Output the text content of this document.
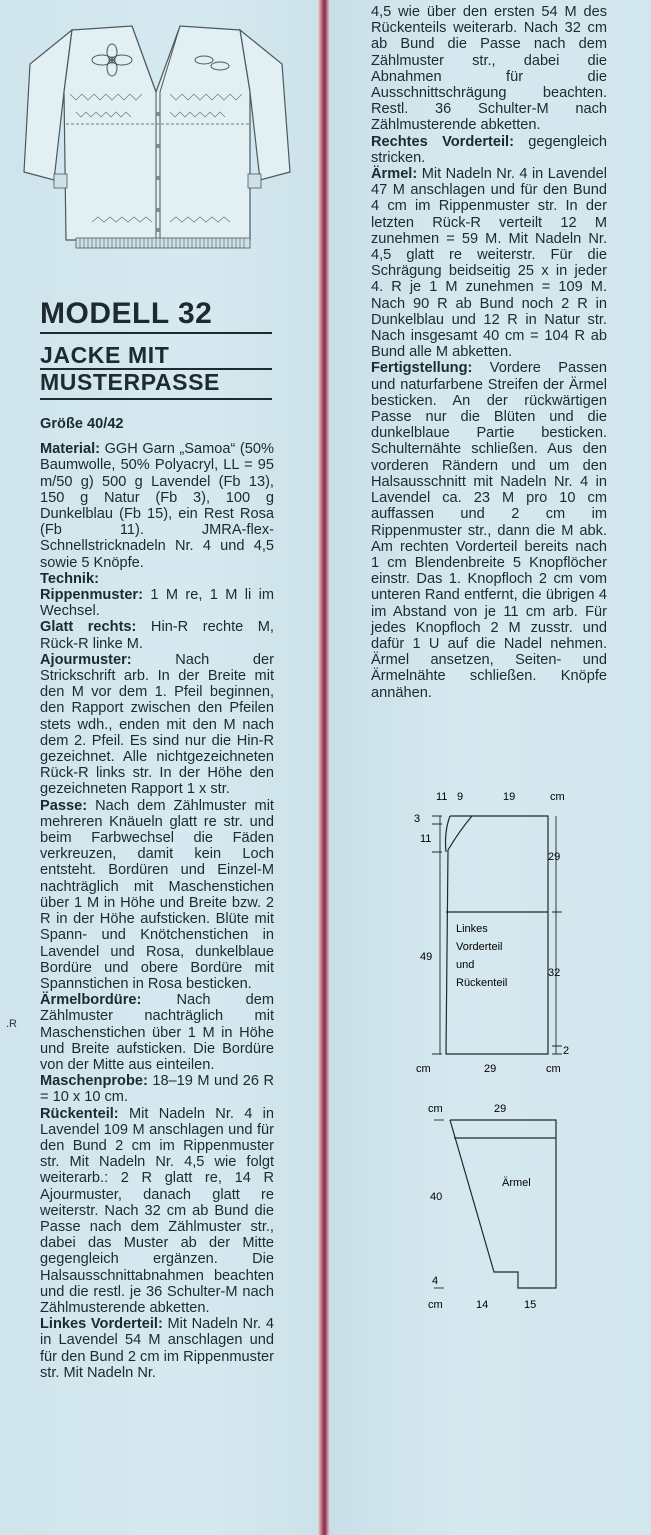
MODELL 32
JACKE MIT
MUSTERPASSE

Größe 40/42

Material: GGH Garn „Samoa“ (50% Baumwolle, 50% Polyacryl, LL = 95 m/50 g) 500 g Lavendel (Fb 13), 150 g Natur (Fb 3), 100 g Dunkelblau (Fb 15), ein Rest Rosa (Fb 11). JMRA-flex-Schnellstricknadeln Nr. 4 und 4,5 sowie 5 Knöpfe.

Technik:

Rippenmuster: 1 M re, 1 M li im Wechsel.

Glatt rechts: Hin-R rechte M, Rück-R linke M.

Ajourmuster:	Nach der Strickschrift arb. In der Breite mit den M vor dem 1. Pfeil beginnen, den Rapport zwischen den Pfeilen stets wdh., enden mit den M nach dem 2. Pfeil. Es sind nur die Hin-R gezeichnet. Alle nichtgezeichneten Rück-R links str. In der Höhe den gezeichneten Rapport 1 x str.

Passe: Nach dem Zählmuster mit mehreren Knäueln glatt re str. und beim Farbwechsel die Fäden verkreuzen, damit kein Loch entsteht. Bordüren und Einzel-M nachträglich mit Maschenstichen über 1 M in Höhe und Breite bzw. 2 R in der Höhe aufsticken. Blüte mit Spann- und Knötchenstichen in Lavendel und Rosa, dunkelblaue Bordüre und obere Bordüre mit Spannstichen in Rosa besticken.

Ärmelbordüre: Nach dem Zählmuster nachträglich mit Maschenstichen über 1 M in Höhe und Breite aufsticken. Die Bordüre von der Mitte aus einteilen.

Maschenprobe: 18–19 M und 26 R = 10 x 10 cm.

Rückenteil: Mit Nadeln Nr. 4 in Lavendel 109 M anschlagen und für den Bund 2 cm im Rippenmuster str. Mit Nadeln Nr. 4,5 wie folgt weiterarb.: 2 R glatt re, 14 R Ajourmuster, danach glatt re weiterstr. Nach 32 cm ab Bund die Passe nach dem Zählmuster str., dabei das Muster ab der Mitte gegengleich ergänzen. Die Halsausschnittabnahmen beachten und die restl. je 36 Schulter-M nach Zählmusterende abketten.

Linkes Vorderteil: Mit Nadeln Nr. 4 in Lavendel 54 M anschlagen und für den Bund 2 cm im Rippenmuster str. Mit Nadeln Nr.

.R

4,5 wie über den ersten 54 M des Rückenteils weiterarb. Nach 32 cm ab Bund die Passe nach dem Zählmuster str., dabei die Abnahmen für die Ausschnittschrägung beachten. Restl. 36 Schulter-M nach Zählmusterende abketten.

Rechtes Vorderteil: gegengleich stricken.

Ärmel: Mit Nadeln Nr. 4 in Lavendel 47 M anschlagen und für den Bund 4 cm im Rippenmuster str. In der letzten Rück-R verteilt 12 M zunehmen = 59 M. Mit Nadeln Nr. 4,5 glatt re weiterstr. Für die Schrägung beidseitig 25 x in jeder 4. R je 1 M zunehmen = 109 M. Nach 90 R ab Bund noch 2 R in Dunkelblau und 12 R in Natur str. Nach insgesamt 40 cm = 104 R ab Bund alle M abketten.

Fertigstellung: Vordere Passen und naturfarbene Streifen der Ärmel besticken. An der rückwärtigen Passe nur die Blüten und die dunkelblaue Partie besticken. Schulternähte schließen. Aus den vorderen Rändern und um den Halsausschnitt mit Nadeln Nr. 4 in Lavendel ca. 23 M pro 10 cm auffassen und 2 cm im Rippenmuster str., dann die M abk. Am rechten Vorderteil bereits nach 1 cm Blendenbreite 5 Knopflöcher einstr. Das 1. Knopfloch 2 cm vom unteren Rand entfernt, die übrigen 4 im Abstand von je 11 cm arb. Für jedes Knopfloch 2 M zusstr. und dafür 1 U auf die Nadel nehmen. Ärmel ansetzen, Seiten- und Ärmelnähte schließen. Knöpfe annähen.

11 9	19	cm
3
11
49
29
32
2
cm	29	cm
Linkes
Vorderteil
und
Rückenteil
cm	29
40
4
cm	14	15
Ärmel
